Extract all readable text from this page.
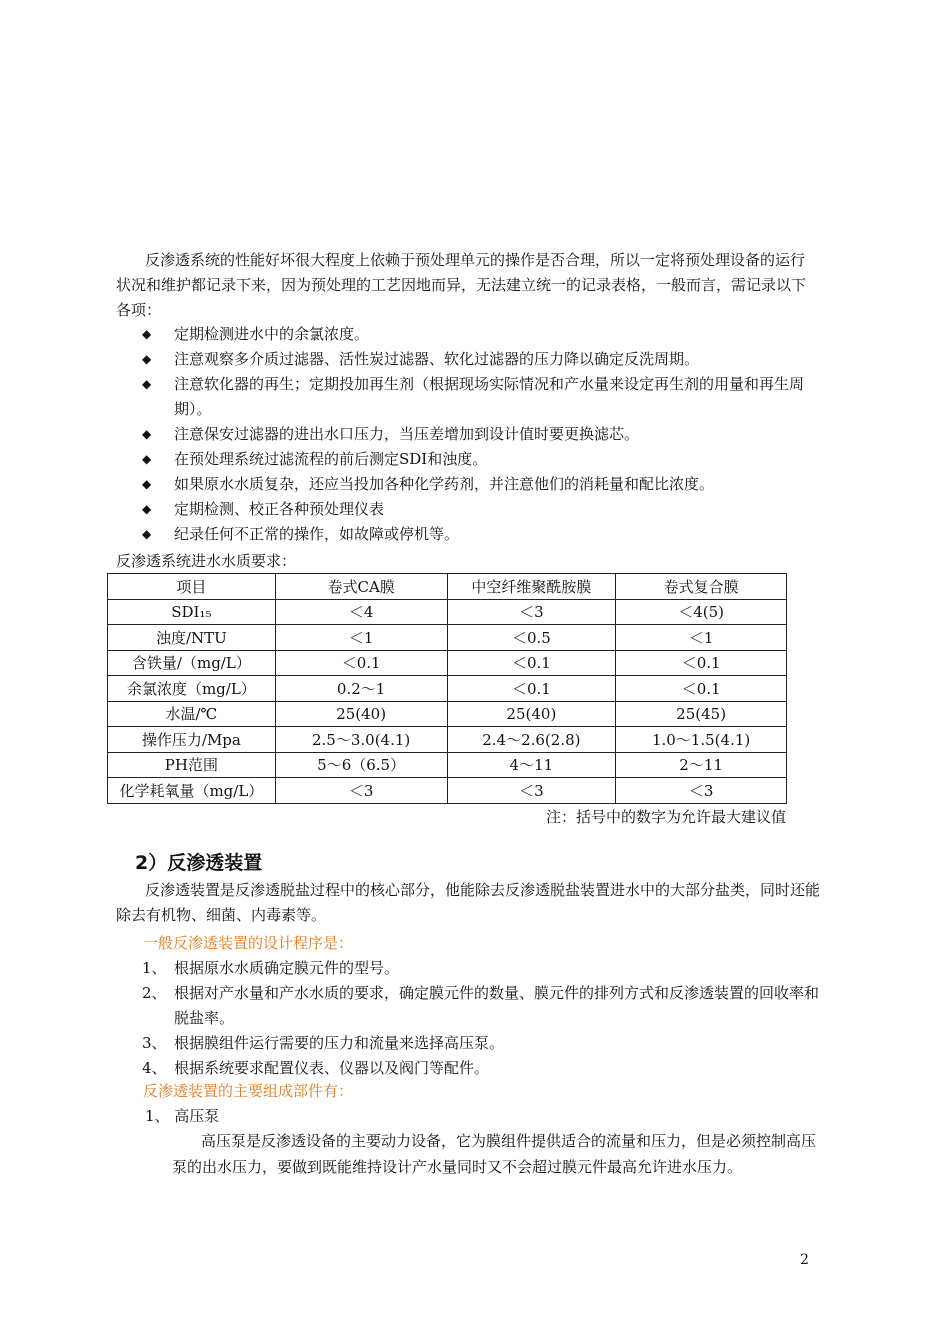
反渗透系统的性能好坏很大程度上依赖于预处理单元的操作是否合理，所以一定将预处理设备的运行状况和维护都记录下来，因为预处理的工艺因地而异，无法建立统一的记录表格，一般而言，需记录以下各项：
◆ 定期检测进水中的余氯浓度。
◆ 注意观察多介质过滤器、活性炭过滤器、软化过滤器的压力降以确定反洗周期。
◆ 注意软化器的再生；定期投加再生剂（根据现场实际情况和产水量来设定再生剂的用量和再生周期）。
◆ 注意保安过滤器的进出水口压力，当压差增加到设计值时要更换滤芯。
◆ 在预处理系统过滤流程的前后测定SDI和浊度。
◆ 如果原水水质复杂，还应当投加各种化学药剂，并注意他们的消耗量和配比浓度。
◆ 定期检测、校正各种预处理仪表
◆ 纪录任何不正常的操作，如故障或停机等。
反渗透系统进水水质要求：
项目	卷式CA膜	中空纤维聚酰胺膜	卷式复合膜
SDI₁₅	＜4	＜3	＜4(5)
浊度/NTU	＜1	＜0.5	＜1
含铁量/（mg/L）	＜0.1	＜0.1	＜0.1
余氯浓度（mg/L）	0.2～1	＜0.1	＜0.1
水温/℃	25(40)	25(40)	25(45)
操作压力/Mpa	2.5～3.0(4.1)	2.4～2.6(2.8)	1.0～1.5(4.1)
PH范围	5～6（6.5）	4～11	2～11
化学耗氧量（mg/L）	＜3	＜3	＜3
注：括号中的数字为允许最大建议值
2）反渗透装置
反渗透装置是反渗透脱盐过程中的核心部分，他能除去反渗透脱盐装置进水中的大部分盐类，同时还能除去有机物、细菌、内毒素等。
一般反渗透装置的设计程序是：
1、 根据原水水质确定膜元件的型号。
2、 根据对产水量和产水水质的要求，确定膜元件的数量、膜元件的排列方式和反渗透装置的回收率和脱盐率。
3、 根据膜组件运行需要的压力和流量来选择高压泵。
4、 根据系统要求配置仪表、仪器以及阀门等配件。
反渗透装置的主要组成部件有：
1、 高压泵
高压泵是反渗透设备的主要动力设备，它为膜组件提供适合的流量和压力，但是必须控制高压泵的出水压力，要做到既能维持设计产水量同时又不会超过膜元件最高允许进水压力。
2
